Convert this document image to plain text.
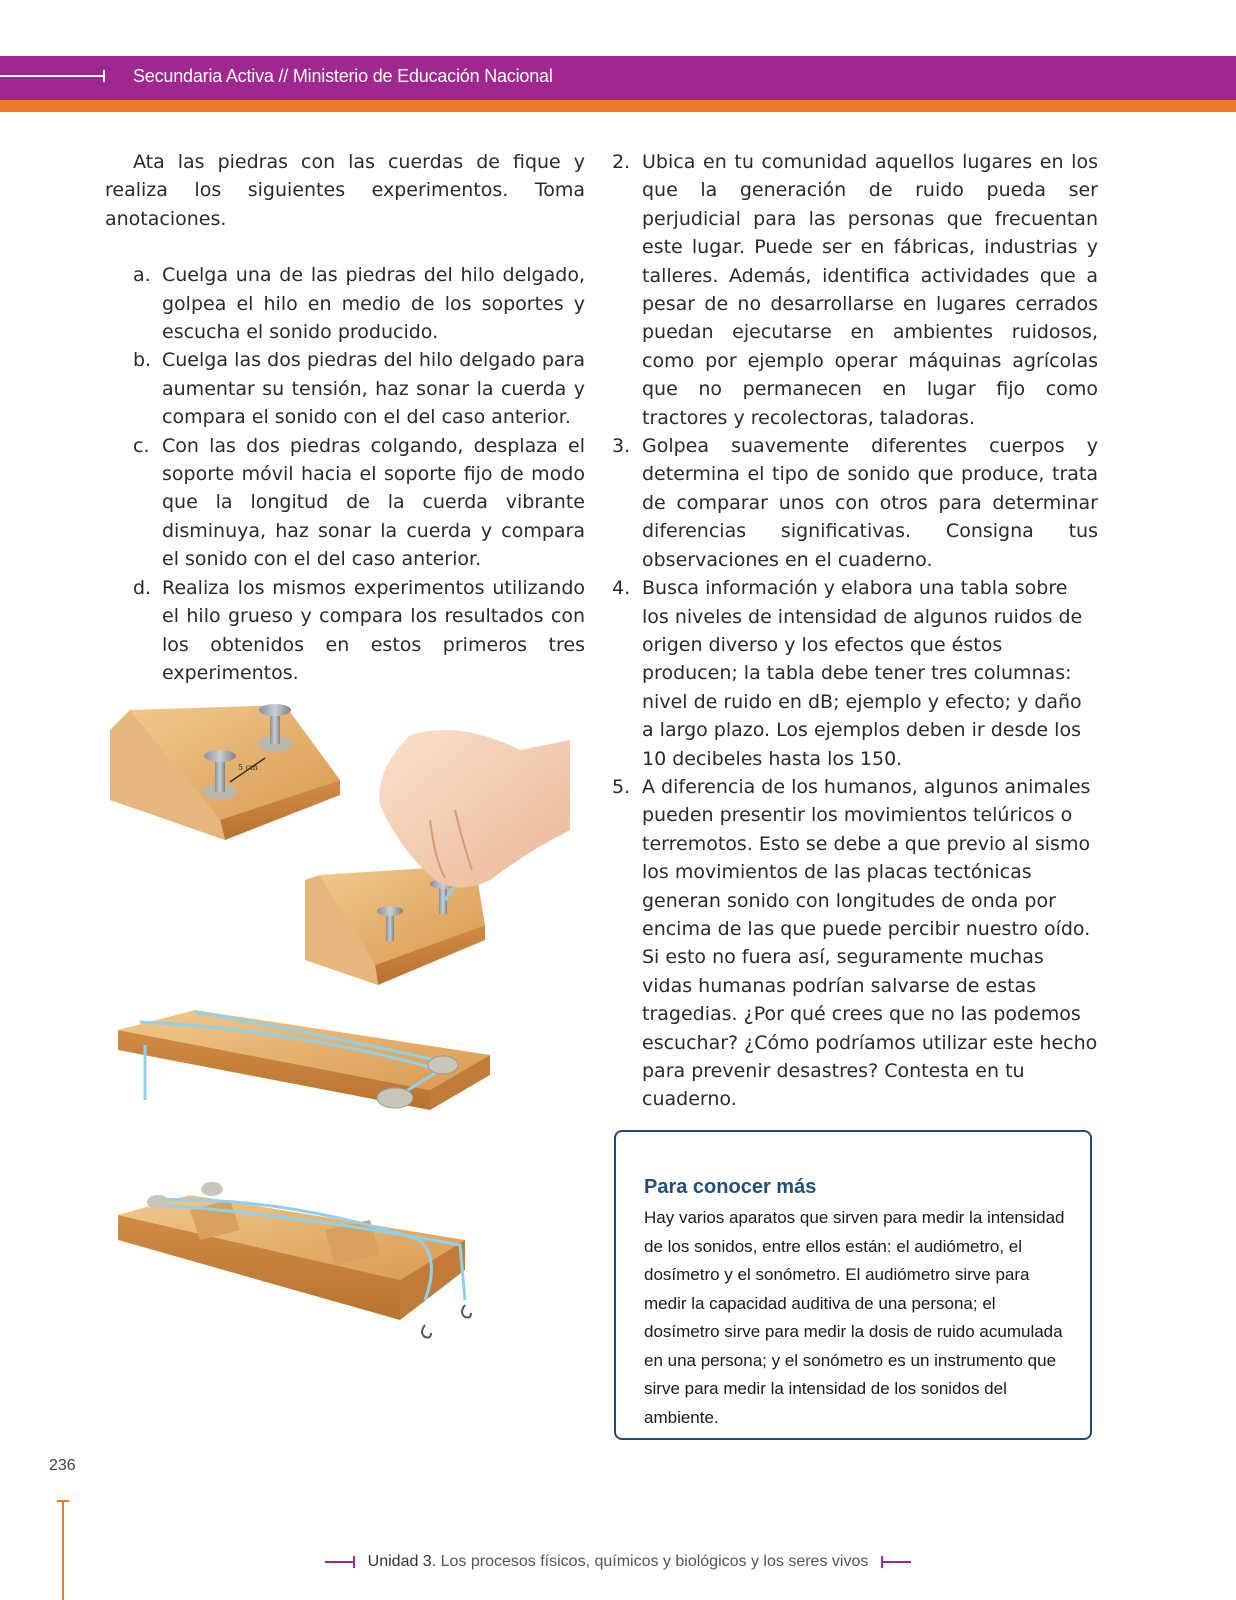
Secundaria Activa // Ministerio de Educación Nacional

Ata las piedras con las cuerdas de fique y realiza los siguientes experimentos. Toma anotaciones.

a. Cuelga una de las piedras del hilo delgado, golpea el hilo en medio de los soportes y escucha el sonido producido.
b. Cuelga las dos piedras del hilo delgado para aumentar su tensión, haz sonar la cuerda y compara el sonido con el del caso anterior.
c. Con las dos piedras colgando, desplaza el soporte móvil hacia el soporte fijo de modo que la longitud de la cuerda vibrante disminuya, haz sonar la cuerda y compara el sonido con el del caso anterior.
d. Realiza los mismos experimentos utilizando el hilo grueso y compara los resultados con los obtenidos en estos primeros tres experimentos.
5 cm
2. Ubica en tu comunidad aquellos lugares en los que la generación de ruido pueda ser perjudicial para las personas que frecuentan este lugar. Puede ser en fábricas, industrias y talleres. Además, identifica actividades que a pesar de no desarrollarse en lugares cerrados puedan ejecutarse en ambientes ruidosos, como por ejemplo operar máquinas agrícolas que no permanecen en lugar fijo como tractores y recolectoras, taladoras.
3. Golpea suavemente diferentes cuerpos y determina el tipo de sonido que produce, trata de comparar unos con otros para determinar diferencias significativas. Consigna tus observaciones en el cuaderno.
4. Busca información y elabora una tabla sobre los niveles de intensidad de algunos ruidos de origen diverso y los efectos que éstos producen; la tabla debe tener tres columnas: nivel de ruido en dB; ejemplo y efecto; y daño a largo plazo. Los ejemplos deben ir desde los 10 decibeles hasta los 150.
5. A diferencia de los humanos, algunos animales pueden presentir los movimientos telúricos o terremotos. Esto se debe a que previo al sismo los movimientos de las placas tectónicas generan sonido con longitudes de onda por encima de las que puede percibir nuestro oído. Si esto no fuera así, seguramente muchas vidas humanas podrían salvarse de estas tragedias. ¿Por qué crees que no las podemos escuchar? ¿Cómo podríamos utilizar este hecho para prevenir desastres? Contesta en tu cuaderno.
Para conocer más
Hay varios aparatos que sirven para medir la intensidad de los sonidos, entre ellos están: el audiómetro, el dosímetro y el sonómetro. El audiómetro sirve para medir la capacidad auditiva de una persona; el dosímetro sirve para medir la dosis de ruido acumulada en una persona; y el sonómetro es un instrumento que sirve para medir la intensidad de los sonidos del ambiente.
236
Unidad 3. Los procesos físicos, químicos y biológicos y los seres vivos
